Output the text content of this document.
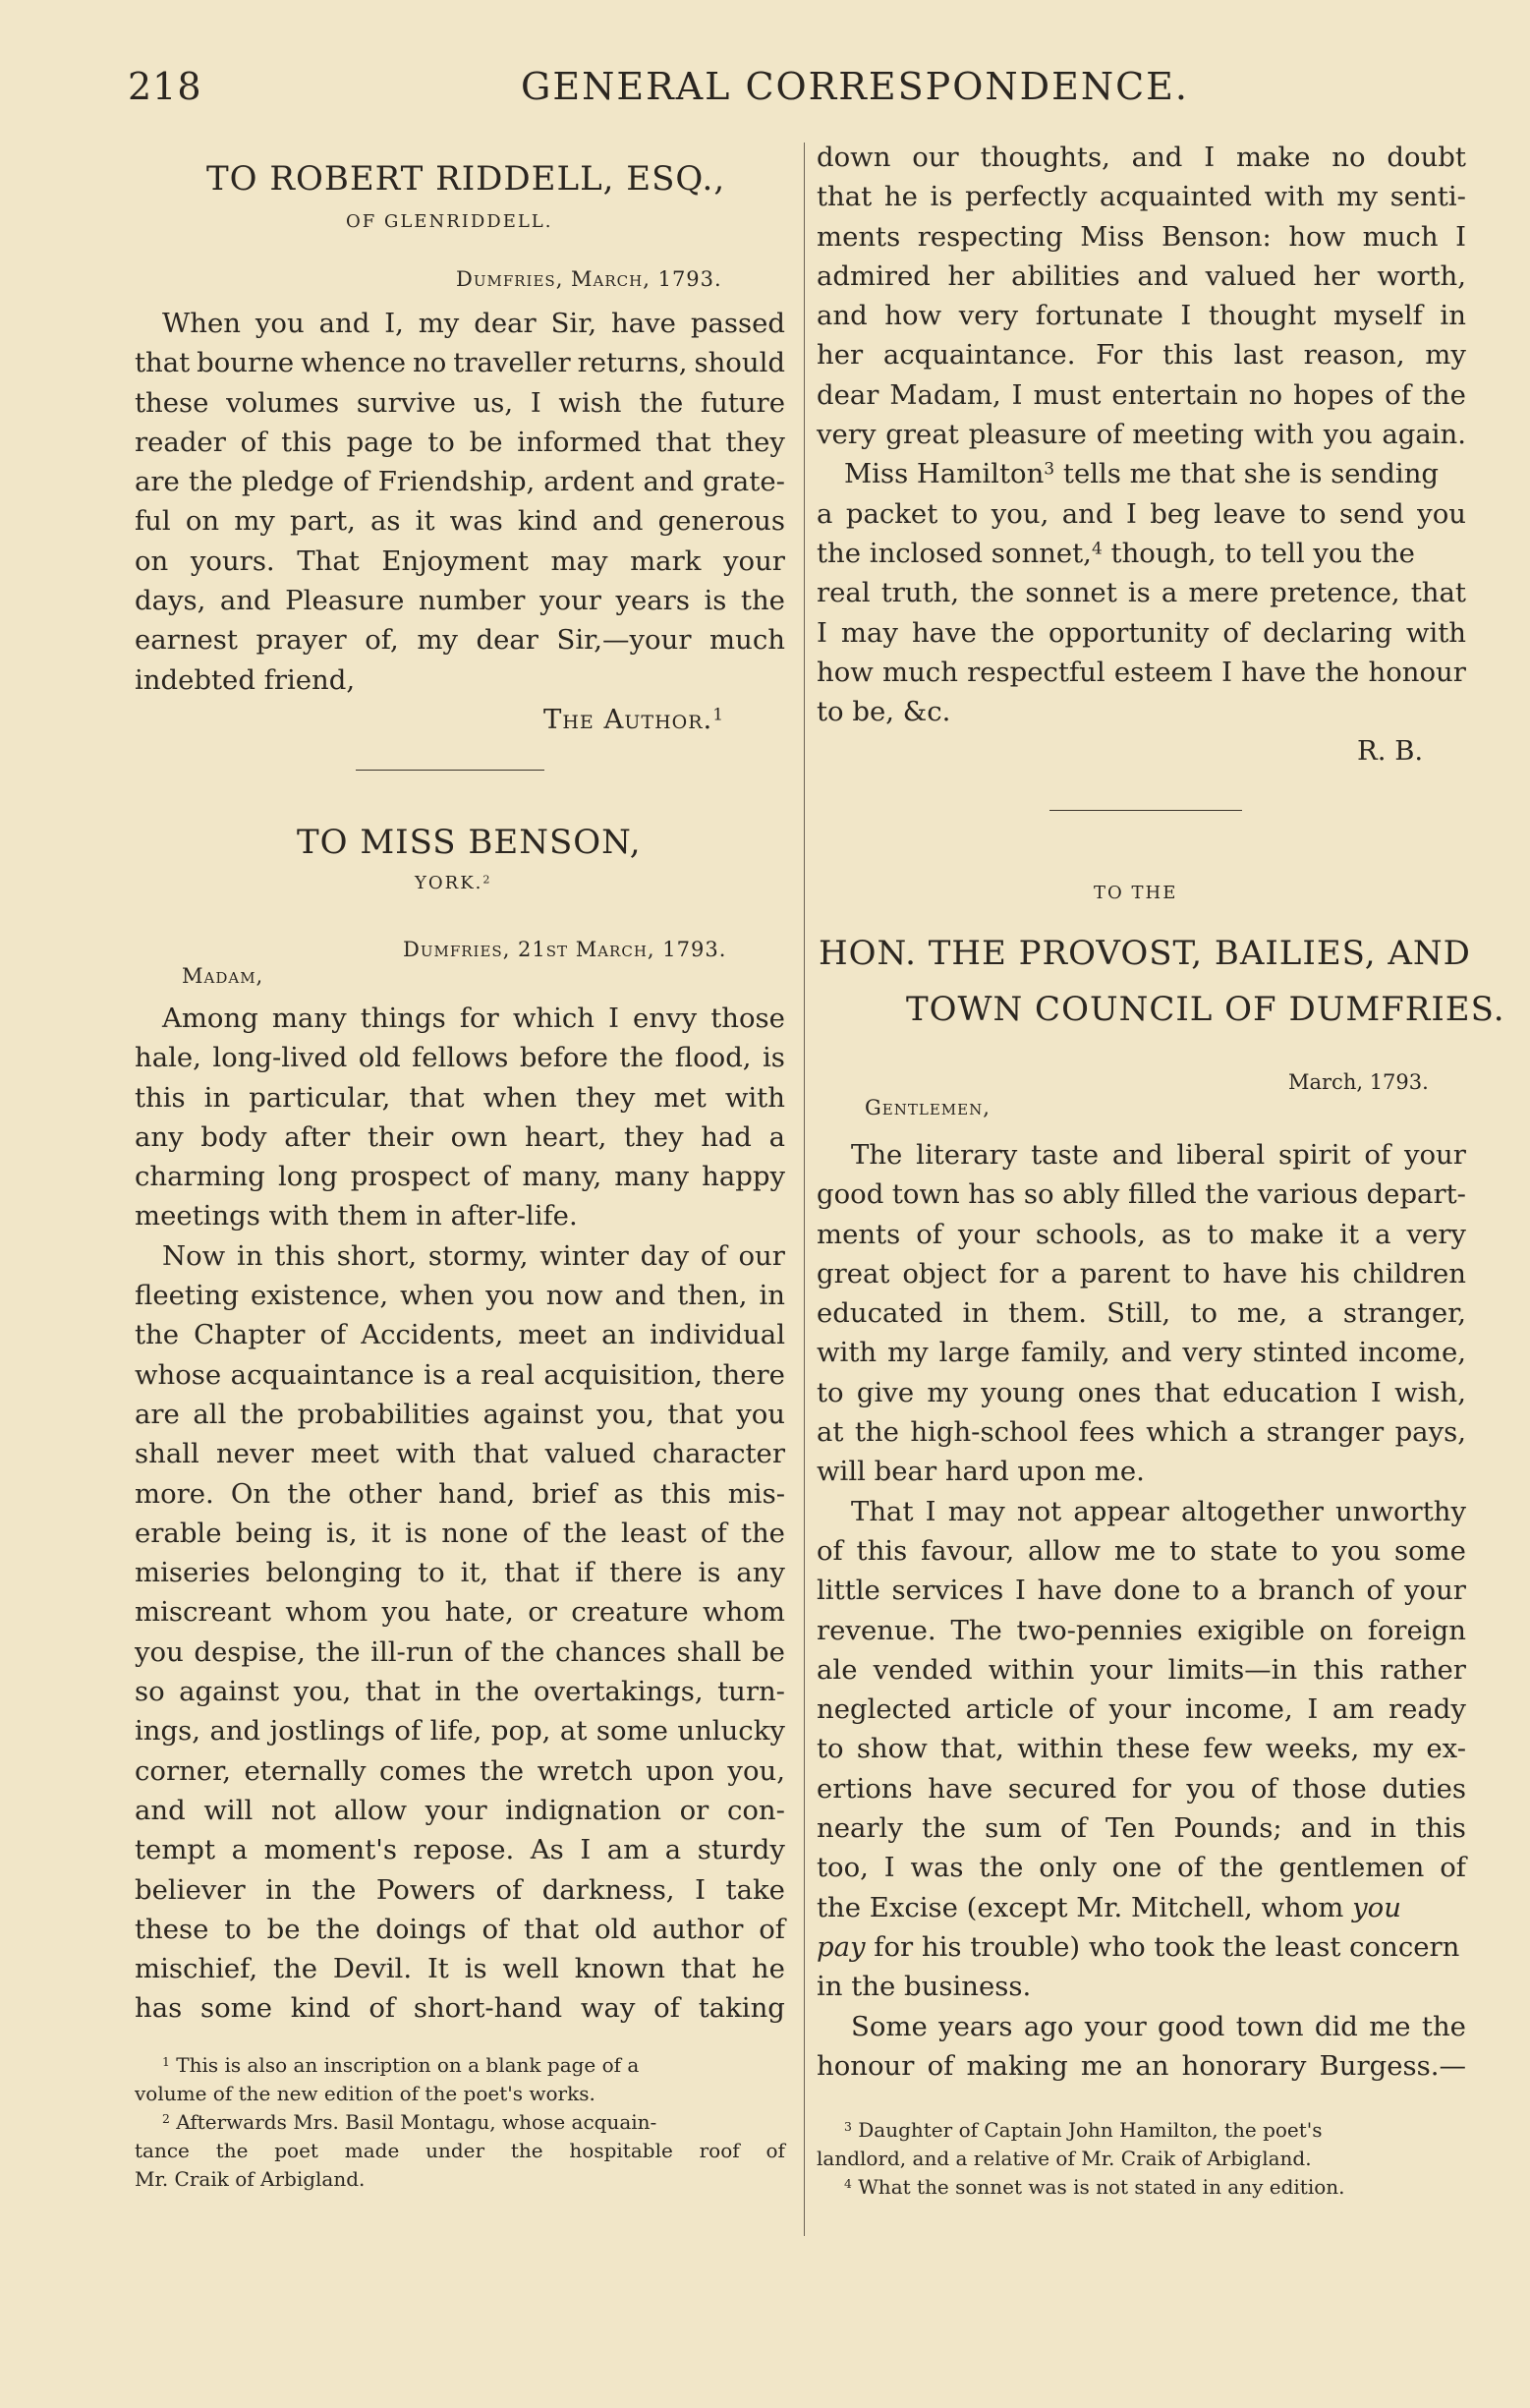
218	GENERAL CORRESPONDENCE.
TO ROBERT RIDDELL, ESQ.,
OF GLENRIDDELL.
Dumfries, March, 1793.
When you and I, my dear Sir, have passed
that bourne whence no traveller returns, should
these volumes survive us, I wish the future
reader of this page to be informed that they
are the pledge of Friendship, ardent and grate-
ful on my part, as it was kind and generous
on yours. That Enjoyment may mark your
days, and Pleasure number your years is the
earnest prayer of, my dear Sir,—your much
indebted friend,
The Author.$^1$
TO MISS BENSON,
YORK.$^2$
Dumfries, 21st March, 1793.
Madam,
Among many things for which I envy those
hale, long-lived old fellows before the flood, is
this in particular, that when they met with
any body after their own heart, they had a
charming long prospect of many, many happy
meetings with them in after-life.
Now in this short, stormy, winter day of our
fleeting existence, when you now and then, in
the Chapter of Accidents, meet an individual
whose acquaintance is a real acquisition, there
are all the probabilities against you, that you
shall never meet with that valued character
more. On the other hand, brief as this mis-
erable being is, it is none of the least of the
miseries belonging to it, that if there is any
miscreant whom you hate, or creature whom
you despise, the ill-run of the chances shall be
so against you, that in the overtakings, turn-
ings, and jostlings of life, pop, at some unlucky
corner, eternally comes the wretch upon you,
and will not allow your indignation or con-
tempt a moment's repose. As I am a sturdy
believer in the Powers of darkness, I take
these to be the doings of that old author of
mischief, the Devil. It is well known that he
has some kind of short-hand way of taking
$^1$ This is also an inscription on a blank page of a
volume of the new edition of the poet's works.
$^2$ Afterwards Mrs. Basil Montagu, whose acquain-
tance the poet made under the hospitable roof of
Mr. Craik of Arbigland.
down our thoughts, and I make no doubt
that he is perfectly acquainted with my senti-
ments respecting Miss Benson: how much I
admired her abilities and valued her worth,
and how very fortunate I thought myself in
her acquaintance. For this last reason, my
dear Madam, I must entertain no hopes of the
very great pleasure of meeting with you again.
Miss Hamilton$^3$ tells me that she is sending
a packet to you, and I beg leave to send you
the inclosed sonnet,$^4$ though, to tell you the
real truth, the sonnet is a mere pretence, that
I may have the opportunity of declaring with
how much respectful esteem I have the honour
to be, &c.
R. B.
TO THE
HON. THE PROVOST, BAILIES, AND
TOWN COUNCIL OF DUMFRIES.
March, 1793.
Gentlemen,
The literary taste and liberal spirit of your
good town has so ably filled the various depart-
ments of your schools, as to make it a very
great object for a parent to have his children
educated in them. Still, to me, a stranger,
with my large family, and very stinted income,
to give my young ones that education I wish,
at the high-school fees which a stranger pays,
will bear hard upon me.
That I may not appear altogether unworthy
of this favour, allow me to state to you some
little services I have done to a branch of your
revenue. The two-pennies exigible on foreign
ale vended within your limits—in this rather
neglected article of your income, I am ready
to show that, within these few weeks, my ex-
ertions have secured for you of those duties
nearly the sum of Ten Pounds; and in this
too, I was the only one of the gentlemen of
the Excise (except Mr. Mitchell, whom you
pay for his trouble) who took the least concern
in the business.
Some years ago your good town did me the
honour of making me an honorary Burgess.—
$^3$ Daughter of Captain John Hamilton, the poet's
landlord, and a relative of Mr. Craik of Arbigland.
$^4$ What the sonnet was is not stated in any edition.
